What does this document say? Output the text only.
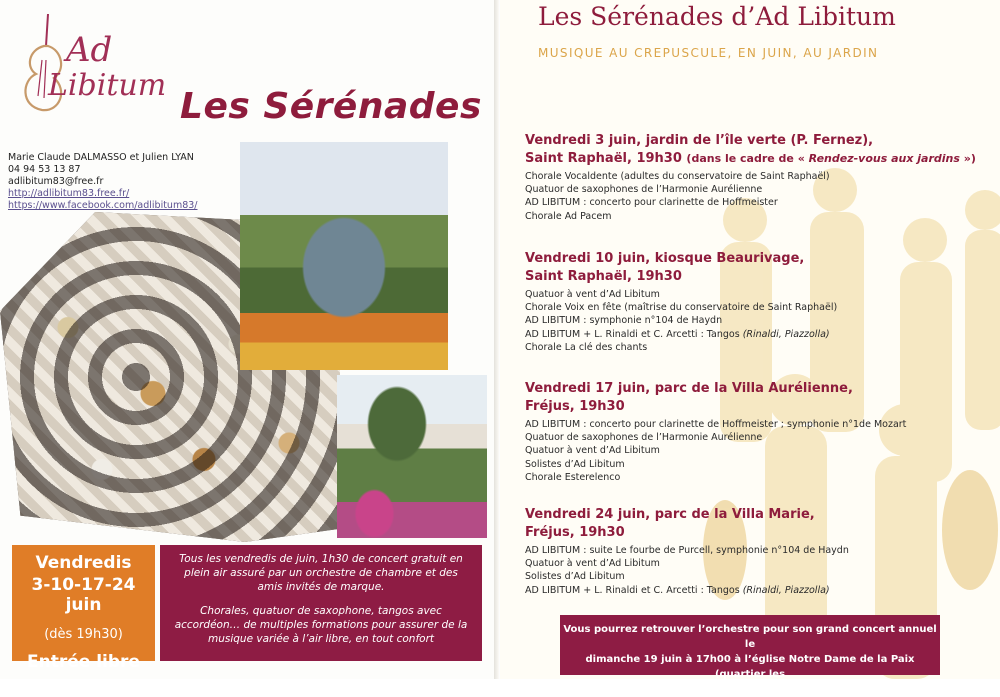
Ad
Libitum
Les Sérénades
Marie Claude DALMASSO et Julien LYAN
04 94 53 13 87
adlibitum83@free.fr
http://adlibitum83.free.fr/
https://www.facebook.com/adlibitum83/
Vendredis
3-10-17-24 juin
(dès 19h30)
Entrée libre
Tous les vendredis de juin, 1h30 de concert gratuit en plein air assuré par un orchestre de chambre et des amis invités de marque.
Chorales, quatuor de saxophone, tangos avec accordéon… de multiples formations pour assurer de la musique variée à l’air libre, en tout confort
Les Sérénades d’Ad Libitum
MUSIQUE AU CREPUSCULE, EN JUIN, AU JARDIN
Vendredi 3 juin, jardin de l’île verte (P. Fernez),
Saint Raphaël, 19h30 (dans le cadre de « Rendez-vous aux jardins »)
Chorale Vocaldente (adultes du conservatoire de Saint Raphaël)
Quatuor de saxophones de l’Harmonie Aurélienne
AD LIBITUM : concerto pour clarinette de Hoffmeister
Chorale Ad Pacem
Vendredi 10 juin, kiosque Beaurivage,
Saint Raphaël, 19h30
Quatuor à vent d’Ad Libitum
Chorale Voix en fête (maîtrise du conservatoire de Saint Raphaël)
AD LIBITUM : symphonie n°104 de Haydn
AD LIBITUM + L. Rinaldi et C. Arcetti : Tangos (Rinaldi, Piazzolla)
Chorale La clé des chants
Vendredi 17 juin, parc de la Villa Aurélienne,
Fréjus, 19h30
AD LIBITUM : concerto pour clarinette de Hoffmeister ; symphonie n°1de Mozart
Quatuor de saxophones de l’Harmonie Aurélienne
Quatuor à vent d’Ad Libitum
Solistes d’Ad Libitum
Chorale Esterelenco
Vendredi 24 juin, parc de la Villa Marie,
Fréjus, 19h30
AD LIBITUM : suite Le fourbe de Purcell, symphonie n°104 de Haydn
Quatuor à vent d’Ad Libitum
Solistes d’Ad Libitum
AD LIBITUM + L. Rinaldi et C. Arcetti : Tangos (Rinaldi, Piazzolla)
Vous pourrez retrouver l’orchestre pour son grand concert annuel le
dimanche 19 juin à 17h00 à l’église Notre Dame de la Paix (quartier les
Plaines) de Saint Raphaël
